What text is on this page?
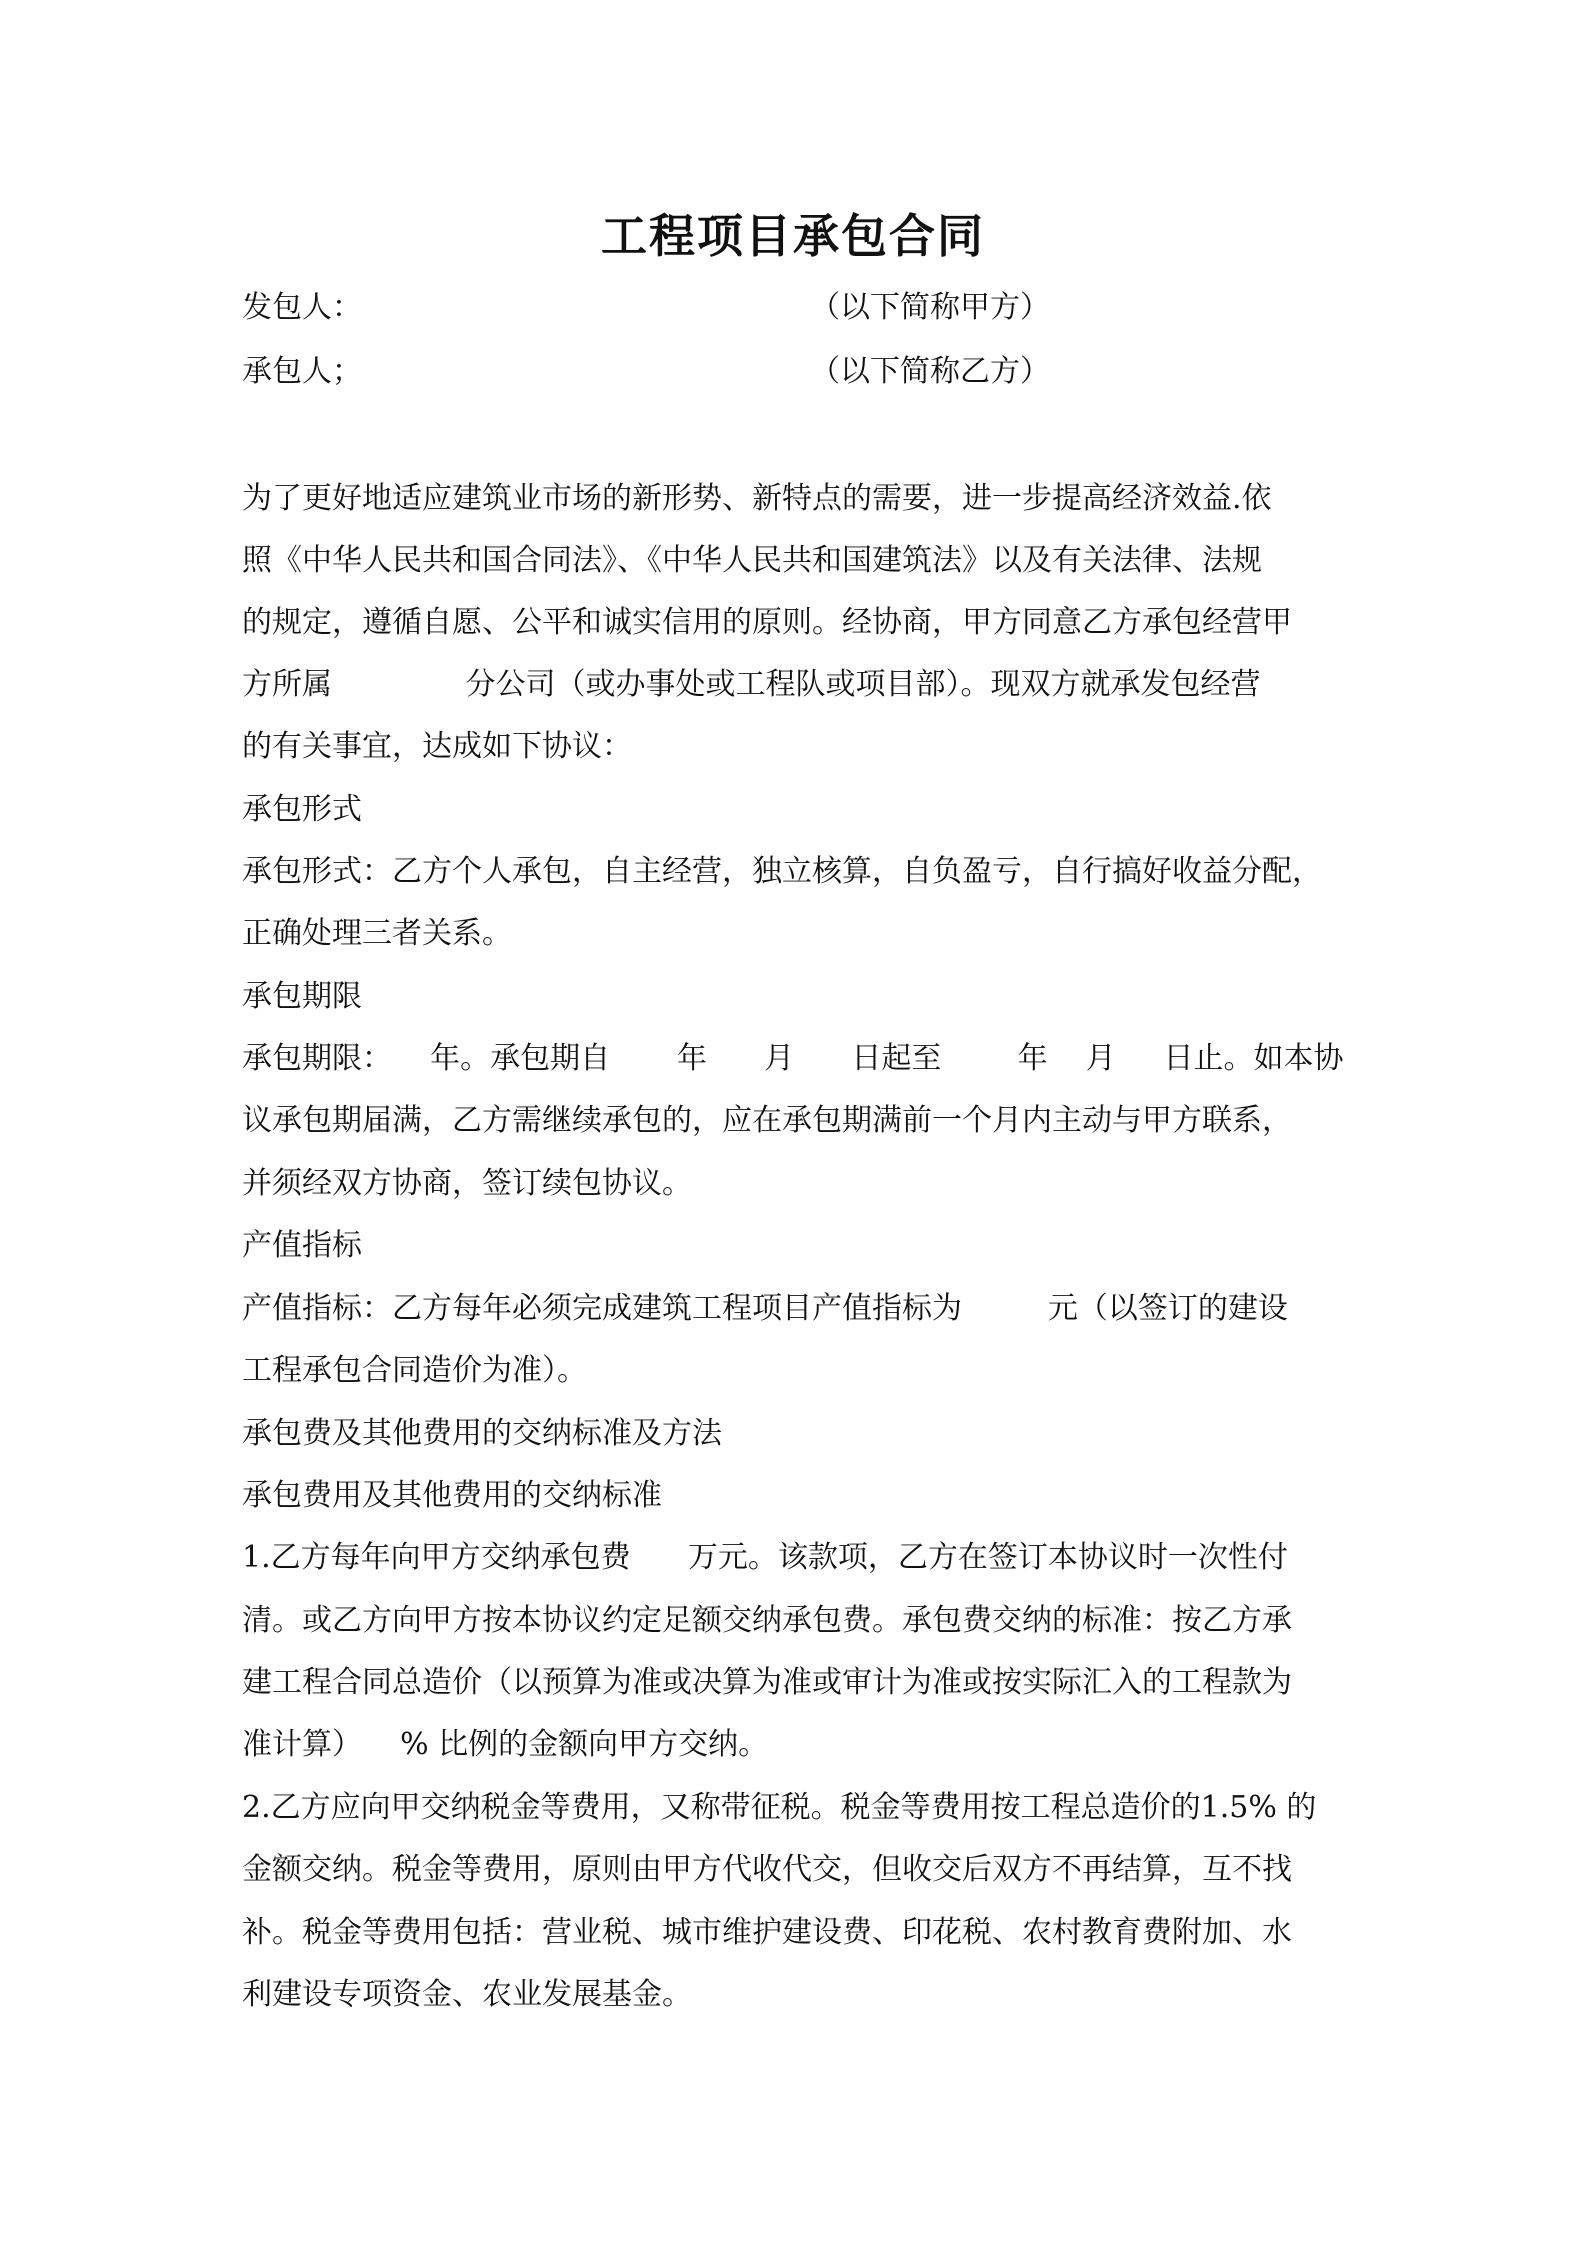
工程项目承包合同
发包人：	（以下简称甲方）
承包人；	（以下简称乙方）
为了更好地适应建筑业市场的新形势、新特点的需要，进一步提高经济效益.依
照《中华人民共和国合同法》、《中华人民共和国建筑法》以及有关法律、法规
的规定，遵循自愿、公平和诚实信用的原则。经协商，甲方同意乙方承包经营甲
方所属              分公司（或办事处或工程队或项目部）。现双方就承发包经营
的有关事宜，达成如下协议：
承包形式
承包形式：乙方个人承包，自主经营，独立核算，自负盈亏，自行搞好收益分配，
正确处理三者关系。
承包期限
承包期限：    年。承包期自       年      月      日起至        年    月     日止。如本协
议承包期届满，乙方需继续承包的，应在承包期满前一个月内主动与甲方联系，
并须经双方协商，签订续包协议。
产值指标
产值指标：乙方每年必须完成建筑工程项目产值指标为         元（以签订的建设
工程承包合同造价为准）。
承包费及其他费用的交纳标准及方法
承包费用及其他费用的交纳标准
1.乙方每年向甲方交纳承包费      万元。该款项，乙方在签订本协议时一次性付
清。或乙方向甲方按本协议约定足额交纳承包费。承包费交纳的标准：按乙方承
建工程合同总造价（以预算为准或决算为准或审计为准或按实际汇入的工程款为
准计算）    % 比例的金额向甲方交纳。
2.乙方应向甲交纳税金等费用，又称带征税。税金等费用按工程总造价的1.5% 的
金额交纳。税金等费用，原则由甲方代收代交，但收交后双方不再结算，互不找
补。税金等费用包括：营业税、城市维护建设费、印花税、农村教育费附加、水
利建设专项资金、农业发展基金。
